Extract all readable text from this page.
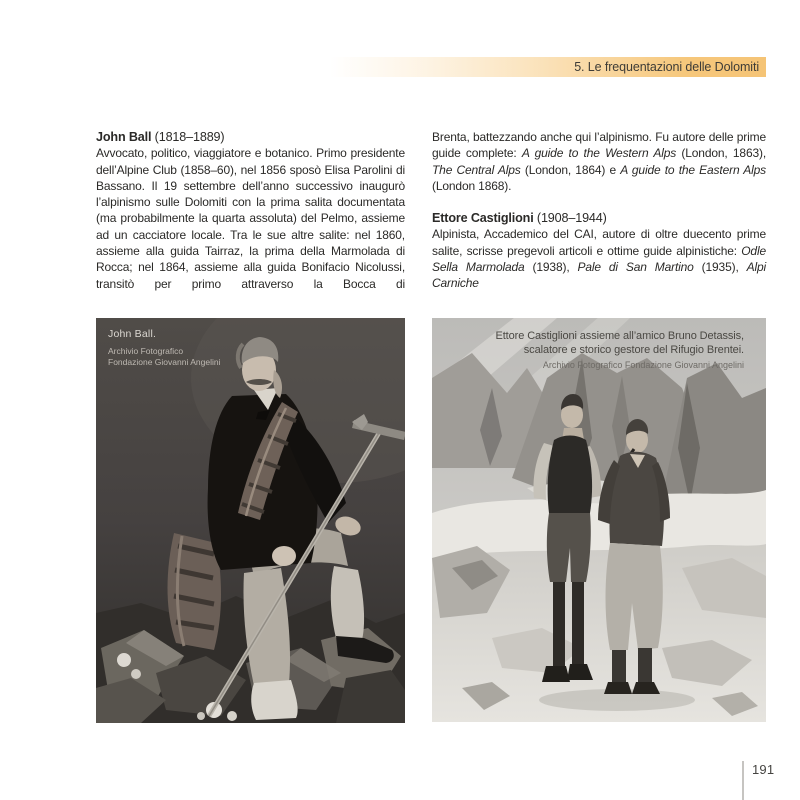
5. Le frequentazioni delle Dolomiti
John Ball (1818–1889)

Avvocato, politico, viaggiatore e botanico. Primo presidente dell’Alpine Club (1858–60), nel 1856 sposò Elisa Parolini di Bassano. Il 19 settembre dell’anno successivo inaugurò l’alpinismo sulle Dolomiti con la prima salita documentata (ma probabilmente la quarta assoluta) del Pelmo, assieme ad un cacciatore locale. Tra le sue altre salite: nel 1860, assieme alla guida Tairraz, la prima della Marmolada di Rocca; nel 1864, assieme alla guida Bonifacio Nicolussi, transitò per primo attraverso la Bocca di

Brenta, battezzando anche qui l’alpinismo. Fu autore delle prime guide complete: A guide to the Western Alps (London, 1863), The Central Alps (London, 1864) e A guide to the Eastern Alps (London 1868).

Ettore Castiglioni (1908–1944)

Alpinista, Accademico del CAI, autore di oltre duecento prime salite, scrisse pregevoli articoli e ottime guide alpinistiche: Odle Sella Marmolada (1938), Pale di San Martino (1935), Alpi Carniche

John Ball.
Archivio Fotografico
Fondazione Giovanni Angelini
Ettore Castiglioni assieme all’amico Bruno Detassis,
scalatore e storico gestore del Rifugio Brentei.
Archivio Fotografico Fondazione Giovanni Angelini
191
